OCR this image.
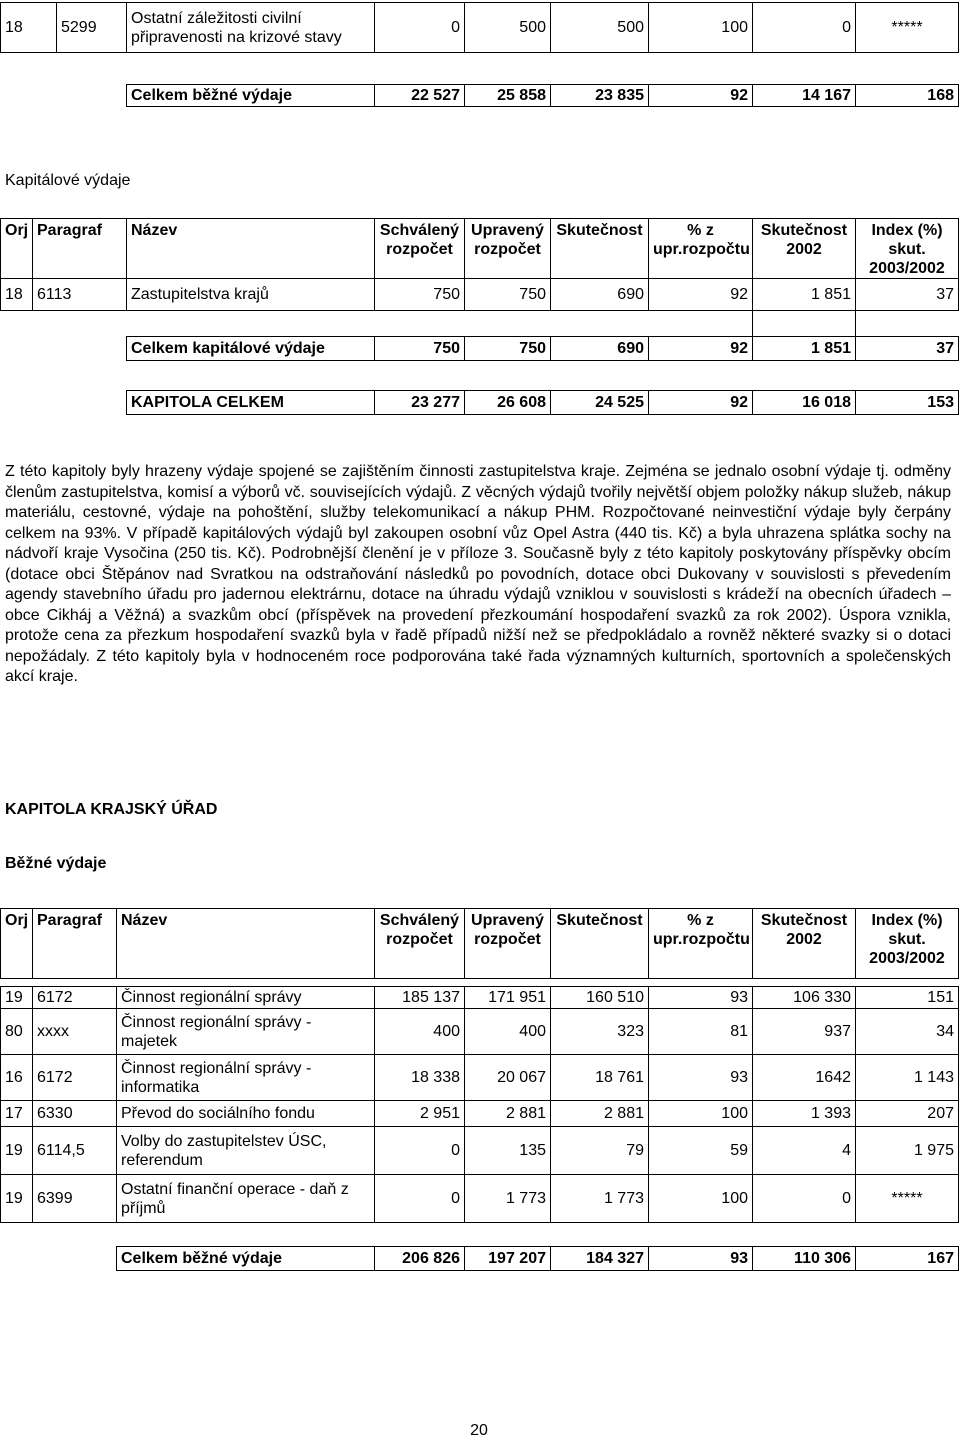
18	5299	Ostatní záležitosti civilní připravenosti na krizové stavy	0	500	500	100	0	*****

		Celkem běžné výdaje	22 527	25 858	23 835	92	14 167	168
Kapitálové výdaje
Orj	Paragraf	Název	Schválený rozpočet	Upravený rozpočet	Skutečnost	% z upr.rozpočtu	Skutečnost 2002	Index (%) skut. 2003/2002
18	6113	Zastupitelstva krajů	750	750	690	92	1 851	37

		Celkem kapitálové výdaje	750	750	690	92	1 851	37

		KAPITOLA CELKEM	23 277	26 608	24 525	92	16 018	153
Z této kapitoly byly hrazeny výdaje spojené se zajištěním činnosti zastupitelstva kraje. Zejména se jednalo osobní výdaje tj. odměny členům zastupitelstva, komisí a výborů vč. souvisejících výdajů. Z věcných výdajů tvořily největší objem položky nákup služeb, nákup materiálu, cestovné, výdaje na pohoštění, služby telekomunikací a nákup PHM. Rozpočtované neinvestiční výdaje byly čerpány celkem na 93%. V případě kapitálových výdajů byl zakoupen osobní vůz Opel Astra (440 tis. Kč) a byla uhrazena splátka sochy na nádvoří kraje Vysočina (250 tis. Kč). Podrobnější členění je v příloze 3. Současně byly z této kapitoly poskytovány příspěvky obcím (dotace obci Štěpánov nad Svratkou na odstraňování následků po povodních, dotace obci Dukovany v souvislosti s převedením agendy stavebního úřadu pro jadernou elektrárnu, dotace na úhradu výdajů vzniklou v souvislosti s krádeží na obecních úřadech – obce Cikháj a Věžná) a svazkům obcí (příspěvek na provedení přezkoumání hospodaření svazků za rok 2002). Úspora vznikla, protože cena za přezkum hospodaření svazků byla v řadě případů nižší než se předpokládalo a rovněž některé svazky si o dotaci nepožádaly. Z této kapitoly byla v hodnoceném roce podporována také řada významných kulturních, sportovních a společenských akcí kraje.
KAPITOLA KRAJSKÝ ÚŘAD
Běžné výdaje
Orj	Paragraf	Název	Schválený rozpočet	Upravený rozpočet	Skutečnost	% z upr.rozpočtu	Skutečnost 2002	Index (%) skut. 2003/2002

19	6172	Činnost regionální správy	185 137	171 951	160 510	93	106 330	151
80	xxxx	Činnost regionální správy - majetek	400	400	323	81	937	34
16	6172	Činnost regionální správy - informatika	18 338	20 067	18 761	93	1642	1 143
17	6330	Převod do sociálního fondu	2 951	2 881	2 881	100	1 393	207
19	6114,5	Volby do zastupitelstev ÚSC, referendum	0	135	79	59	4	1 975
19	6399	Ostatní finanční operace - daň z příjmů	0	1 773	1 773	100	0	*****

		Celkem běžné výdaje	206 826	197 207	184 327	93	110 306	167
20
